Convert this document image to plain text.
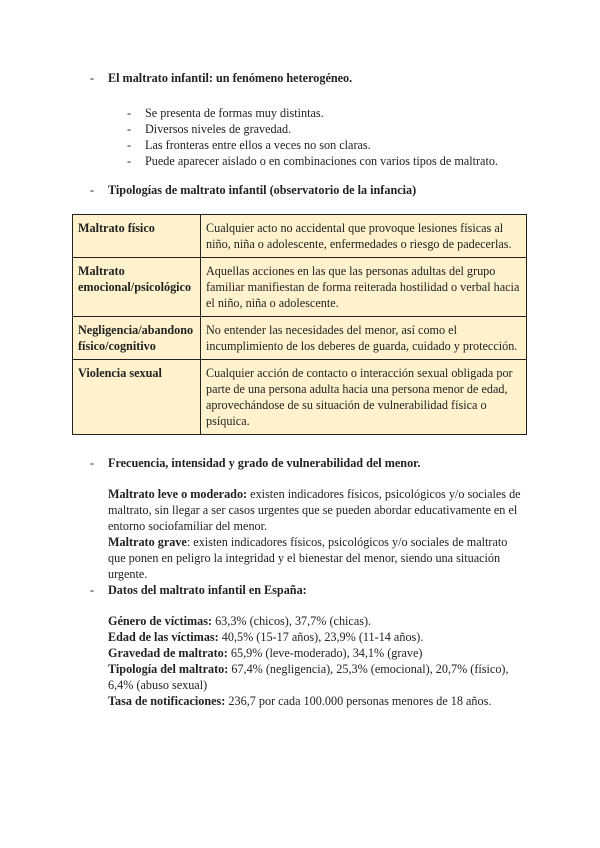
- El maltrato infantil: un fenómeno heterogéneo.
- Se presenta de formas muy distintas.
- Diversos niveles de gravedad.
- Las fronteras entre ellos a veces no son claras.
- Puede aparecer aislado o en combinaciones con varios tipos de maltrato.
- Tipologías de maltrato infantil (observatorio de la infancia)
Maltrato físico	Cualquier acto no accidental que provoque lesiones físicas al niño, niña o adolescente, enfermedades o riesgo de padecerlas.
Maltrato emocional/psicológico	Aquellas acciones en las que las personas adultas del grupo familiar manifiestan de forma reiterada hostilidad o verbal hacia el niño, niña o adolescente.
Negligencia/abandono físico/cognitivo	No entender las necesidades del menor, así como el incumplimiento de los deberes de guarda, cuidado y protección.
Violencia sexual	Cualquier acción de contacto o interacción sexual obligada por parte de una persona adulta hacia una persona menor de edad, aprovechándose de su situación de vulnerabilidad física o psíquica.
- Frecuencia, intensidad y grado de vulnerabilidad del menor.
Maltrato leve o moderado: existen indicadores físicos, psicológicos y/o sociales de maltrato, sin llegar a ser casos urgentes que se pueden abordar educativamente en el entorno sociofamiliar del menor.
Maltrato grave: existen indicadores físicos, psicológicos y/o sociales de maltrato que ponen en peligro la integridad y el bienestar del menor, siendo una situación urgente.
- Datos del maltrato infantil en España:
Género de víctimas: 63,3% (chicos), 37,7% (chicas).
Edad de las víctimas: 40,5% (15-17 años), 23,9% (11-14 años).
Gravedad de maltrato: 65,9% (leve-moderado), 34,1% (grave)
Tipología del maltrato: 67,4% (negligencia), 25,3% (emocional), 20,7% (físico), 6,4% (abuso sexual)
Tasa de notificaciones: 236,7 por cada 100.000 personas menores de 18 años.
